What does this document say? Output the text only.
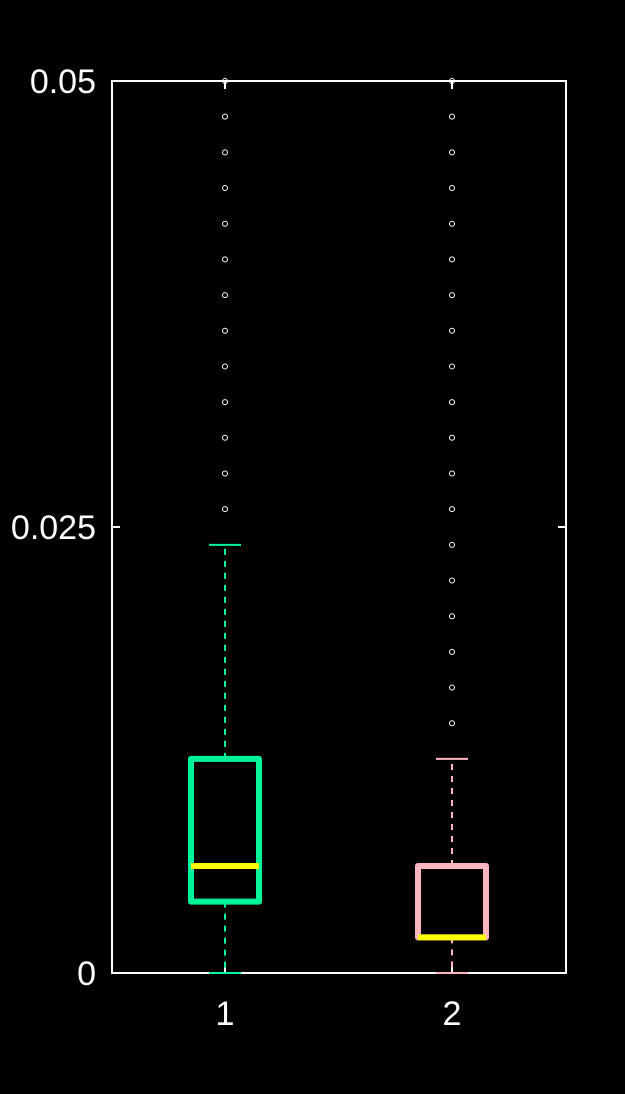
0
0.025
0.05
1	2
